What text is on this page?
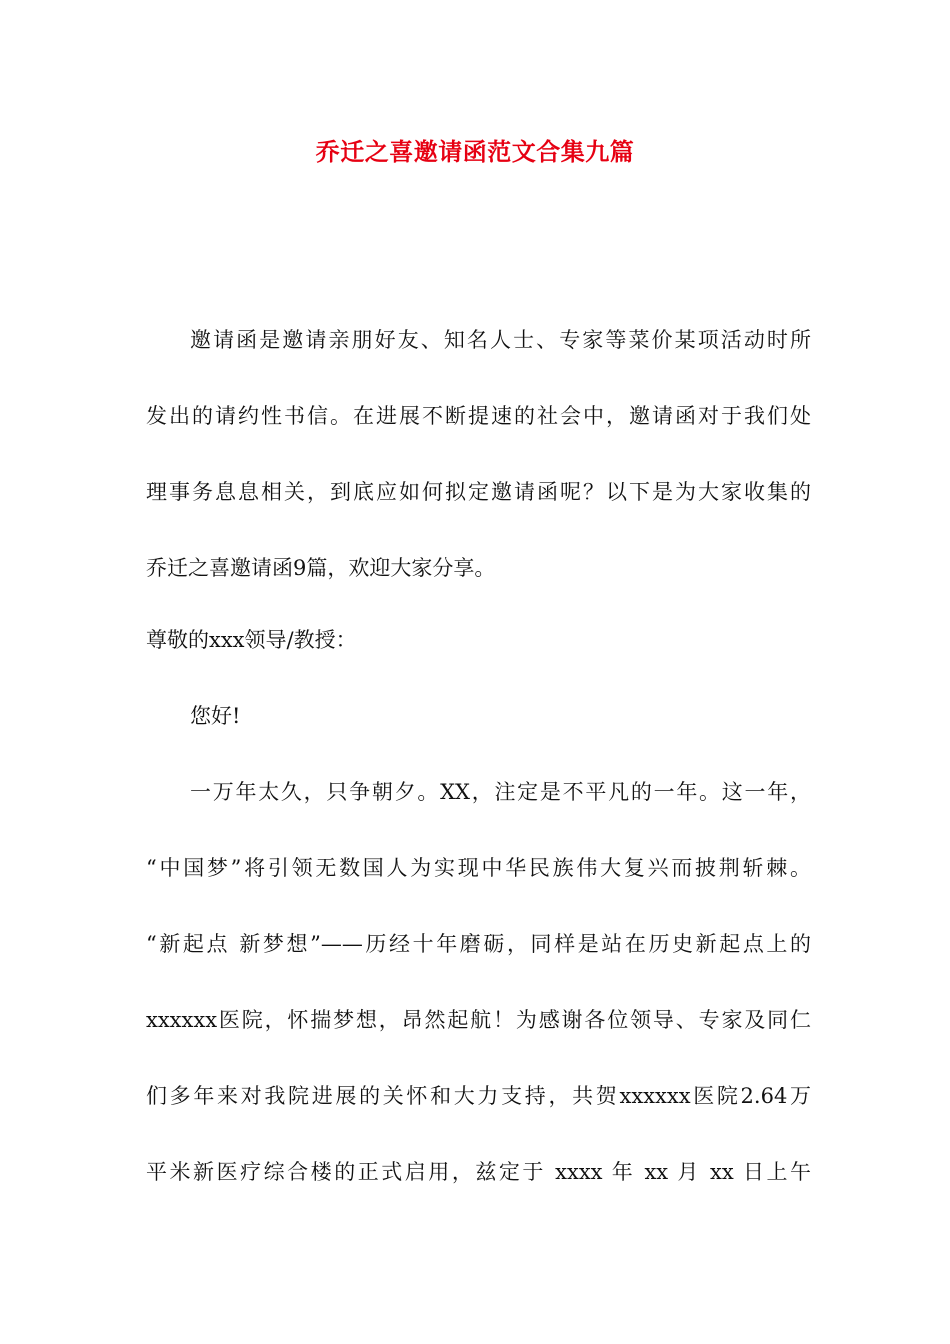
乔迁之喜邀请函范文合集九篇
邀请函是邀请亲朋好友、知名人士、专家等菜价某项活动时所
发出的请约性书信。在进展不断提速的社会中，邀请函对于我们处
理事务息息相关，到底应如何拟定邀请函呢？以下是为大家收集的
乔迁之喜邀请函9篇，欢迎大家分享。
尊敬的xxx领导/教授：
您好!
一万年太久，只争朝夕。XX，注定是不平凡的一年。这一年，
“中国梦”将引领无数国人为实现中华民族伟大复兴而披荆斩棘。
“新起点 新梦想”——历经十年磨砺，同样是站在历史新起点上的
xxxxxx医院，怀揣梦想，昂然起航！为感谢各位领导、专家及同仁
们多年来对我院进展的关怀和大力支持，共贺xxxxxx医院2.64万
平米新医疗综合楼的正式启用，兹定于 xxxx 年 xx 月 xx 日上午
